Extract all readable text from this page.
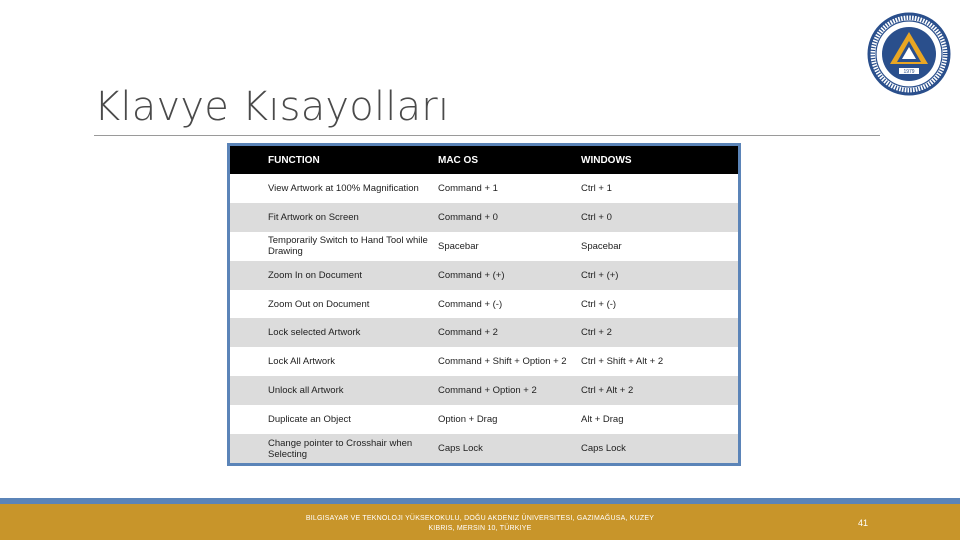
Klavye Kısayolları
1979
FUNCTION	MAC OS	WINDOWS
View Artwork at 100% Magnification	Command + 1	Ctrl + 1
Fit Artwork on Screen	Command + 0	Ctrl + 0
Temporarily Switch to Hand Tool while Drawing	Spacebar	Spacebar
Zoom In on Document	Command + (+)	Ctrl + (+)
Zoom Out on Document	Command + (-)	Ctrl + (-)
Lock selected Artwork	Command + 2	Ctrl + 2
Lock All Artwork	Command + Shift + Option + 2	Ctrl + Shift + Alt + 2
Unlock all Artwork	Command + Option + 2	Ctrl + Alt + 2
Duplicate an Object	Option + Drag	Alt + Drag
Change pointer to Crosshair when Selecting	Caps Lock	Caps Lock
BILGISAYAR VE TEKNOLOJI YÜKSEKOKULU, DOĞU AKDENIZ ÜNIVERSITESI, GAZIMAĞUSA, KUZEY
KIBRIS, MERSIN 10, TÜRKIYE
41
